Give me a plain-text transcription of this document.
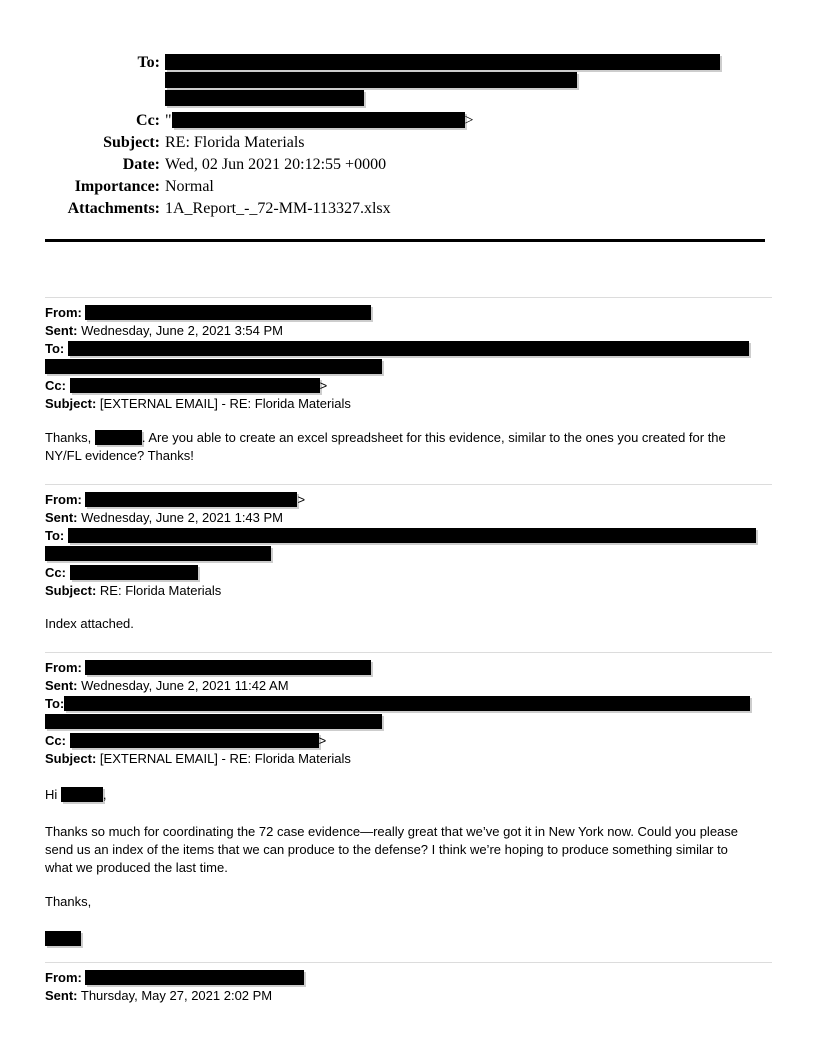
To:
Cc: "	>
Subject: RE: Florida Materials
Date: Wed, 02 Jun 2021 20:12:55 +0000
Importance: Normal
Attachments: 1A_Report_-_72-MM-113327.xlsx
From:
Sent: Wednesday, June 2, 2021 3:54 PM
To:
Cc:	>
Subject: [EXTERNAL EMAIL] - RE: Florida Materials
Thanks,	. Are you able to create an excel spreadsheet for this evidence, similar to the ones you created for the
NY/FL evidence? Thanks!
From:	>
Sent: Wednesday, June 2, 2021 1:43 PM
To:
Cc:
Subject: RE: Florida Materials
Index attached.
From:
Sent: Wednesday, June 2, 2021 11:42 AM
To:
Cc:	>
Subject: [EXTERNAL EMAIL] - RE: Florida Materials
Hi	,
Thanks so much for coordinating the 72 case evidence—really great that we’ve got it in New York now. Could you please
send us an index of the items that we can produce to the defense? I think we’re hoping to produce something similar to
what we produced the last time.
Thanks,
From:
Sent: Thursday, May 27, 2021 2:02 PM
